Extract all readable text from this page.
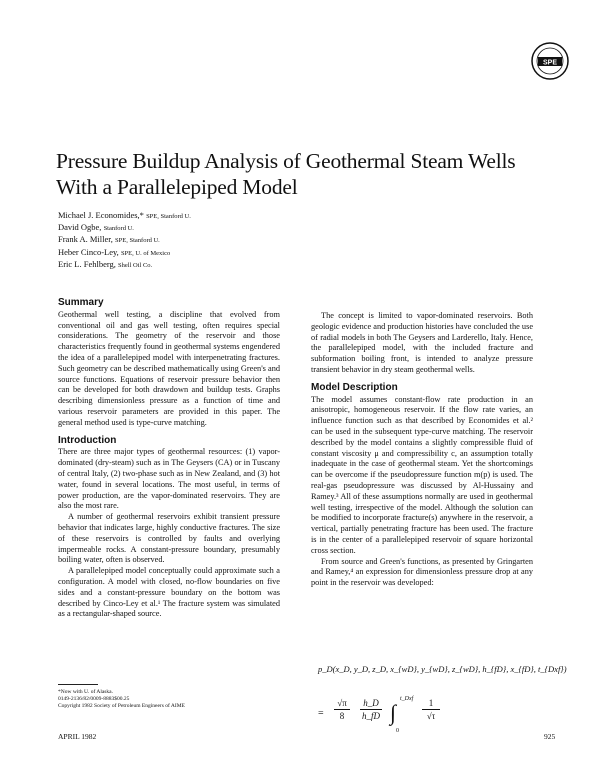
SPE
Pressure Buildup Analysis of Geothermal Steam Wells With a Parallelepiped Model
Michael J. Economides,* SPE, Stanford U.
David Ogbe, Stanford U.
Frank A. Miller, SPE, Stanford U.
Heber Cinco-Ley, SPE, U. of Mexico
Eric L. Fehlberg, Shell Oil Co.
Summary

Geothermal well testing, a discipline that evolved from conventional oil and gas well testing, often requires special considerations. The geometry of the reservoir and those characteristics frequently found in geothermal systems engendered the idea of a parallelepiped model with interpenetrating fractures. Such geometry can be described mathematically using Green's and source functions. Equations of reservoir pressure behavior then can be developed for both drawdown and buildup tests. Graphs describing dimensionless pressure as a function of time and various reservoir parameters are provided in this paper. The general method used is type-curve matching.

Introduction

There are three major types of geothermal resources: (1) vapor-dominated (dry-steam) such as in The Geysers (CA) or in Tuscany of central Italy, (2) two-phase such as in New Zealand, and (3) hot water, found in several locations. The most useful, in terms of power production, are the vapor-dominated reservoirs. They are also the most rare.

A number of geothermal reservoirs exhibit transient pressure behavior that indicates large, highly conductive fractures. The size of these reservoirs is controlled by faults and overlying impermeable rocks. A constant-pressure boundary, presumably boiling water, often is observed.

A parallelepiped model conceptually could approximate such a configuration. A model with closed, no-flow boundaries on five sides and a constant-pressure boundary on the bottom was described by Cinco-Ley et al.¹ The fracture system was simulated as a rectangular-shaped source.

The concept is limited to vapor-dominated reservoirs. Both geologic evidence and production histories have concluded the use of radial models in both The Geysers and Larderello, Italy. Hence, the parallelepiped model, with the included fracture and subformation boiling front, is intended to analyze pressure transient behavior in dry steam geothermal wells.

Model Description

The model assumes constant-flow rate production in an anisotropic, homogeneous reservoir. If the flow rate varies, an influence function such as that described by Economides et al.² can be used in the subsequent type-curve matching. The reservoir described by the model contains a slightly compressible fluid of constant viscosity μ and compressibility c, an assumption totally inadequate in the case of geothermal steam. Yet the shortcomings can be overcome if the pseudopressure function m(p) is used. The real-gas pseudopressure was discussed by Al-Hussainy and Ramey.³ All of these assumptions normally are used in geothermal well testing, irrespective of the model. Although the solution can be modified to incorporate fracture(s) anywhere in the reservoir, a vertical, partially penetrating fracture has been used. The fracture is in the center of a parallelepiped reservoir of square horizontal cross section.

From source and Green's functions, as presented by Gringarten and Ramey,⁴ an expression for dimensionless pressure drop at any point in the reservoir was developed:

p_D(x_D, y_D, z_D, x_{wD}, y_{wD}, z_{wD}, h_{fD}, x_{fD}, t_{Dxf})
=
√π
8
h_D
h_fD ∫
t_Dxf
0
1
√τ
*Now with U. of Alaska.
0149-2136/82/0009-8883$00.25
Copyright 1982 Society of Petroleum Engineers of AIME
APRIL 1982	925
